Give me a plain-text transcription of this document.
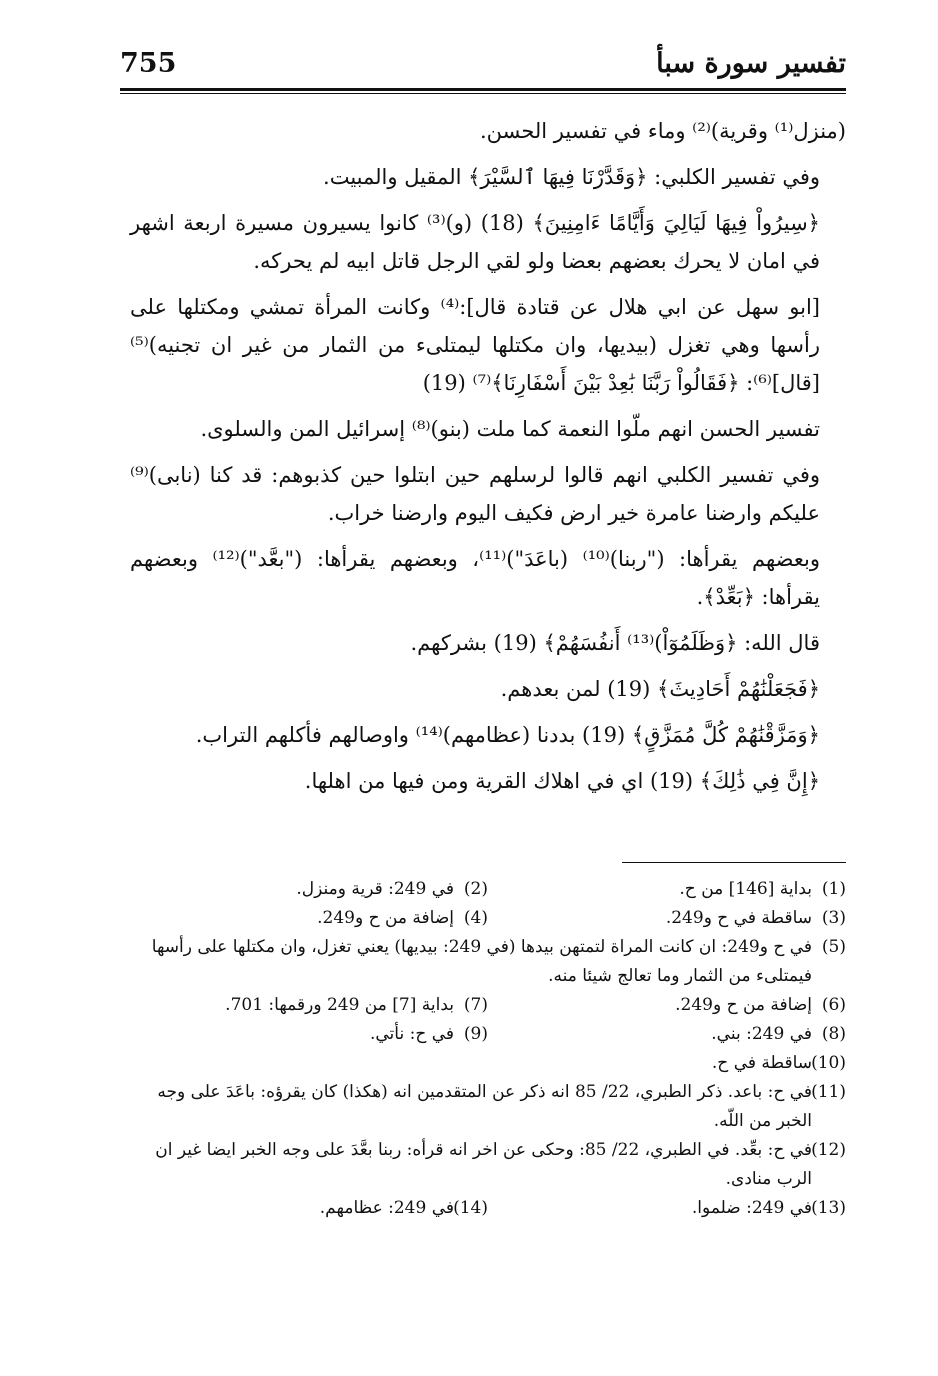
755	تفسير سورة سبأ

(منزل⁽¹⁾ وقرية)⁽²⁾ وماء في تفسير الحسن.

وفي تفسير الكلبي: ﴿وَقَدَّرْنَا فِيهَا ٱلسَّيْرَ﴾ المقيل والمبيت.

﴿سِيرُواْ فِيهَا لَيَالِيَ وَأَيَّامًا ءَامِنِينَ﴾ (18) (و)⁽³⁾ كانوا يسيرون مسيرة اربعة اشهر في امان لا يحرك بعضهم بعضا ولو لقي الرجل قاتل ابيه لم يحركه.

[ابو سهل عن ابي هلال عن قتادة قال]:⁽⁴⁾ وكانت المرأة تمشي ومكتلها على رأسها وهي تغزل (بيديها، وان مكتلها ليمتلىء من الثمار من غير ان تجنيه)⁽⁵⁾ [قال]⁽⁶⁾: ﴿فَقَالُواْ رَبَّنَا بَٰعِدْ بَيْنَ أَسْفَارِنَا﴾⁽⁷⁾ (19)

تفسير الحسن انهم ملّوا النعمة كما ملت (بنو)⁽⁸⁾ إسرائيل المن والسلوى.

وفي تفسير الكلبي انهم قالوا لرسلهم حين ابتلوا حين كذبوهم: قد كنا (نابى)⁽⁹⁾ عليكم وارضنا عامرة خير ارض فكيف اليوم وارضنا خراب.

وبعضهم يقرأها: ("ربنا)⁽¹⁰⁾ (باعَدَ")⁽¹¹⁾، وبعضهم يقرأها: ("بعَّد")⁽¹²⁾ وبعضهم يقرأها: ﴿بَعِّدْ﴾.

قال الله: ﴿وَظَلَمُوٓاْ)⁽¹³⁾ أَنفُسَهُمْ﴾ (19) بشركهم.

﴿فَجَعَلْنَٰهُمْ أَحَادِيثَ﴾ (19) لمن بعدهم.

﴿وَمَزَّقْنَٰهُمْ كُلَّ مُمَزَّقٍ﴾ (19) بددنا (عظامهم)⁽¹⁴⁾ واوصالهم فأكلهم التراب.

﴿إِنَّ فِي ذَٰلِكَ﴾ (19) اي في اهلاك القرية ومن فيها من اهلها.

(1)بداية [146] من ح.
(2)في 249: قرية ومنزل.
(3)ساقطة في ح و249.
(4)إضافة من ح و249.
(5)في ح و249: ان كانت المراة لتمتهن بيدها (في 249: بيديها) يعني تغزل، وان مكتلها على رأسها فيمتلىء من الثمار وما تعالج شيئا منه.
(6)إضافة من ح و249.
(7)بداية [7] من 249 ورقمها: 701.
(8)في 249: بني.
(9)في ح: نأتي.
(10)ساقطة في ح.
(11)في ح: باعد. ذكر الطبري، 22/ 85 انه ذكر عن المتقدمين انه (هكذا) كان يقرؤه: باعَدَ على وجه الخبر من اللّه.
(12)في ح: بعِّد. في الطبري، 22/ 85: وحكى عن اخر انه قرأه: ربنا بعَّدَ على وجه الخبر ايضا غير ان الرب منادى.
(13)في 249: ضلموا.
(14)في 249: عظامهم.
